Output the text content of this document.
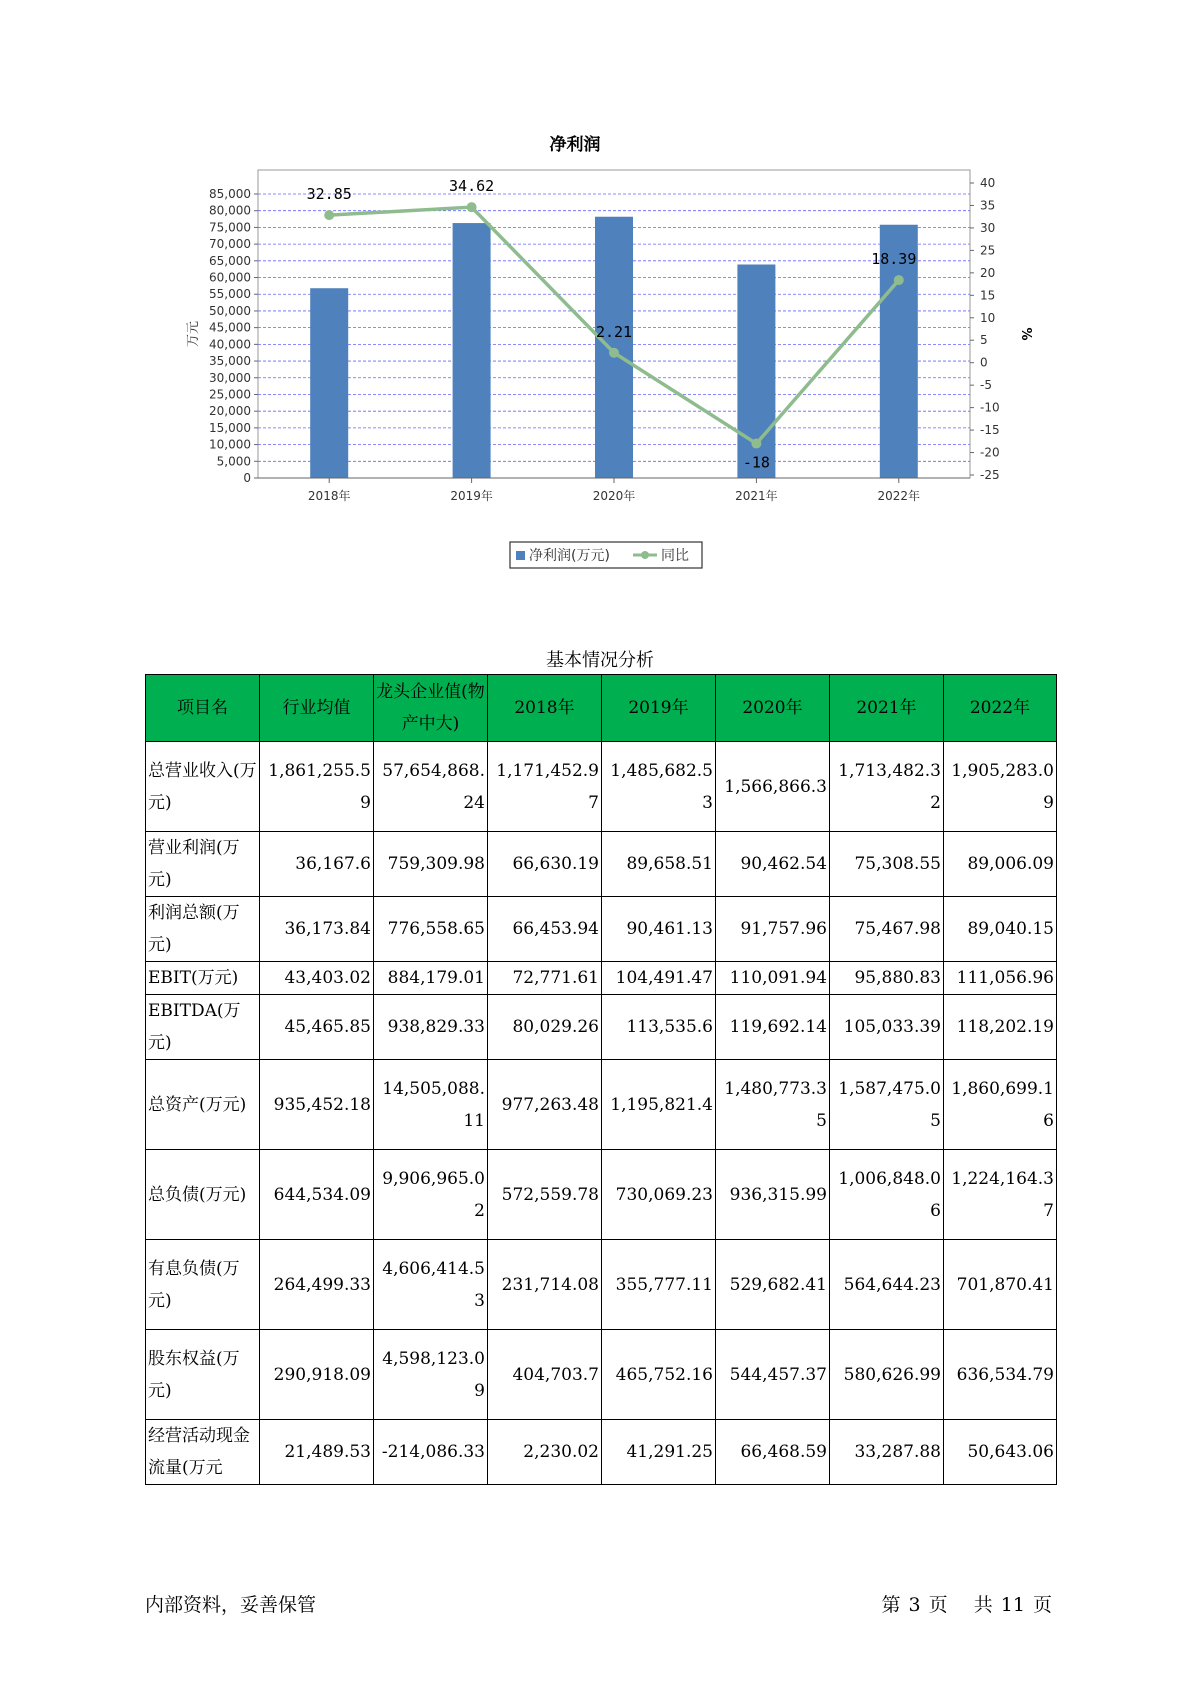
净利润
0
5,000
10,000
15,000
20,000
25,000
30,000
35,000
40,000
45,000
50,000
55,000
60,000
65,000
70,000
75,000
80,000
85,000
-25
-20
-15
-10
-5
0
5
10
15
20
25
30
35
40
万元	%
2018年	2019年	2020年	2021年	2022年
32.85	34.62
2.21
-18
18.39
净利润(万元)	同比
基本情况分析
项目名	行业均值	龙头企业值(物产中大)	2018年	2019年	2020年	2021年	2022年
总营业收入(万元)	1,861,255.59	57,654,868.24	1,171,452.97	1,485,682.53	1,566,866.3	1,713,482.32	1,905,283.09
营业利润(万元)	36,167.6	759,309.98	66,630.19	89,658.51	90,462.54	75,308.55	89,006.09
利润总额(万元)	36,173.84	776,558.65	66,453.94	90,461.13	91,757.96	75,467.98	89,040.15
EBIT(万元)	43,403.02	884,179.01	72,771.61	104,491.47	110,091.94	95,880.83	111,056.96
EBITDA(万元)	45,465.85	938,829.33	80,029.26	113,535.6	119,692.14	105,033.39	118,202.19
总资产(万元)	935,452.18	14,505,088.11	977,263.48	1,195,821.4	1,480,773.35	1,587,475.05	1,860,699.16
总负债(万元)	644,534.09	9,906,965.02	572,559.78	730,069.23	936,315.99	1,006,848.06	1,224,164.37
有息负债(万元)	264,499.33	4,606,414.53	231,714.08	355,777.11	529,682.41	564,644.23	701,870.41
股东权益(万元)	290,918.09	4,598,123.09	404,703.7	465,752.16	544,457.37	580,626.99	636,534.79
经营活动现金流量(万元	21,489.53	-214,086.33	2,230.02	41,291.25	66,468.59	33,287.88	50,643.06
内部资料，妥善保管	第 3 页 共 11 页
